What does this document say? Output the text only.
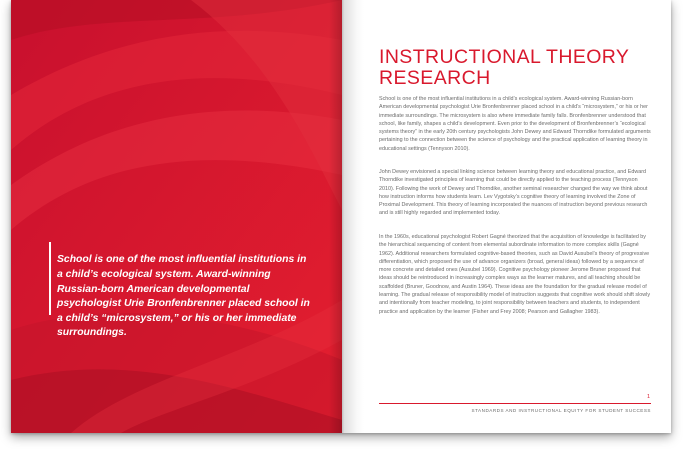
School is one of the most influential institutions in a child’s ecological system. Award-winning Russian-born American developmental psychologist Urie Bronfenbrenner placed school in a child’s “microsystem,” or his or her immediate surroundings.

INSTRUCTIONAL THEORY RESEARCH

School is one of the most influential institutions in a child’s ecological system. Award-winning Russian-born American developmental psychologist Urie Bronfenbrenner placed school in a child’s “microsystem,” or his or her immediate surroundings. The microsystem is also where immediate family falls. Bronfenbrenner understood that school, like family, shapes a child’s development. Even prior to the development of Bronfenbrenner’s “ecological systems theory” in the early 20th century psychologists John Dewey and Edward Thorndike formulated arguments pertaining to the connection between the science of psychology and the practical application of learning theory in educational settings (Tennyson 2010).

John Dewey envisioned a special linking science between learning theory and educational practice, and Edward Thorndike investigated principles of learning that could be directly applied to the teaching process (Tennyson 2010). Following the work of Dewey and Thorndike, another seminal researcher changed the way we think about how instruction informs how students learn. Lev Vygotsky’s cognitive theory of learning involved the Zone of Proximal Development. This theory of learning incorporated the nuances of instruction beyond previous research and is still highly regarded and implemented today.

In the 1960s, educational psychologist Robert Gagné theorized that the acquisition of knowledge is facilitated by the hierarchical sequencing of content from elemental subordinate information to more complex skills (Gagné 1962). Additional researchers formulated cognitive-based theories, such as David Ausubel’s theory of progressive differentiation, which proposed the use of advance organizers (broad, general ideas) followed by a sequence of more concrete and detailed ones (Ausubel 1969). Cognitive psychology pioneer Jerome Bruner proposed that ideas should be reintroduced in increasingly complex ways as the learner matures, and all teaching should be scaffolded (Bruner, Goodnow, and Austin 1964). These ideas are the foundation for the gradual release model of learning. The gradual release of responsibility model of instruction suggests that cognitive work should shift slowly and intentionally from teacher modeling, to joint responsibility between teachers and students, to independent practice and application by the learner (Fisher and Frey 2008; Pearson and Gallagher 1983).

1
STANDARDS AND INSTRUCTIONAL EQUITY FOR STUDENT SUCCESS
